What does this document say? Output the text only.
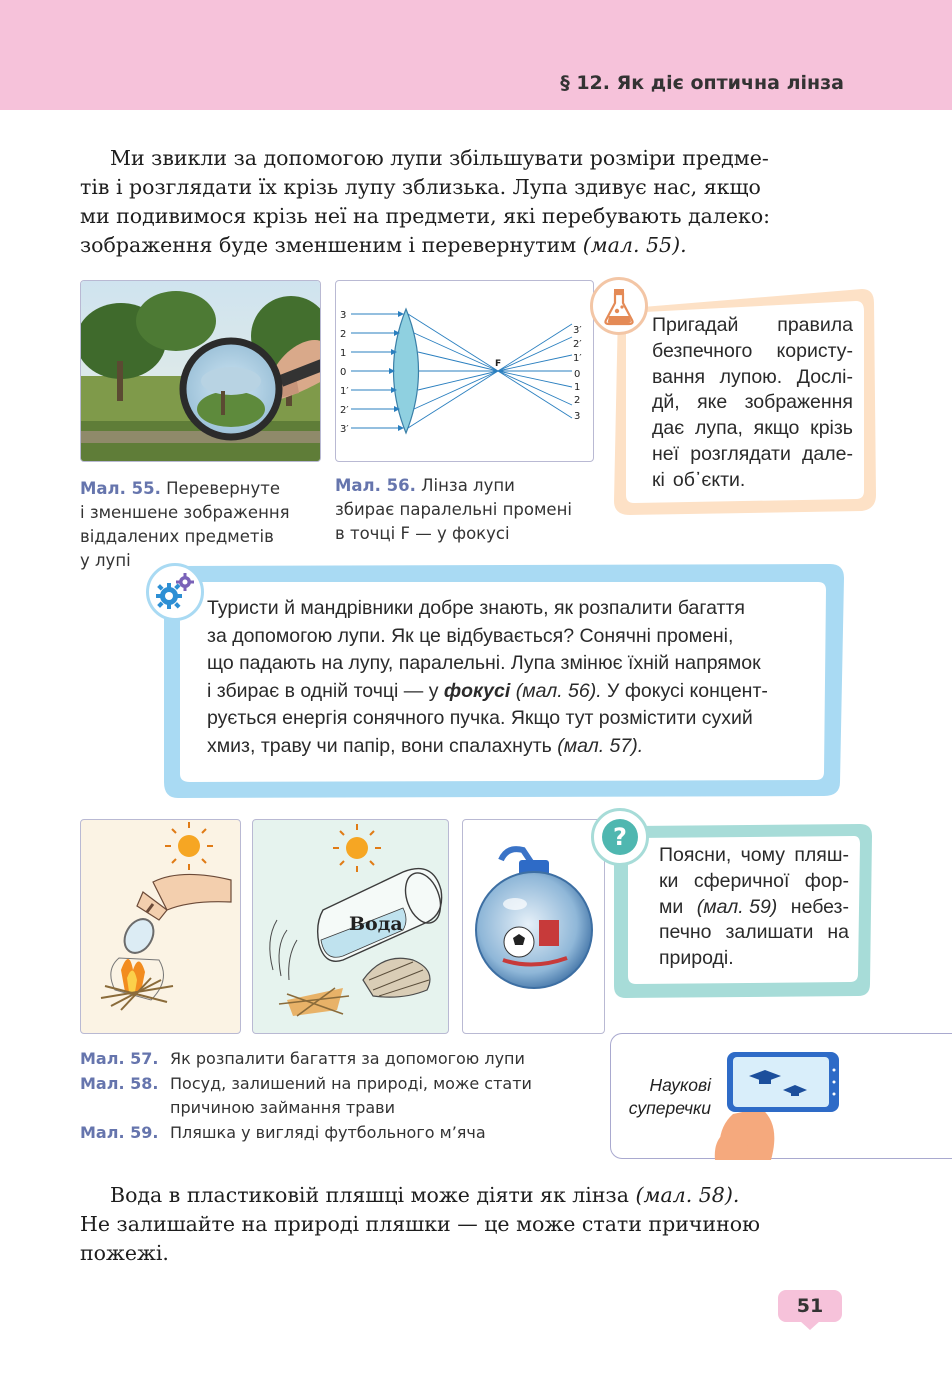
§ 12. Як діє оптична лінза
Ми звикли за допомогою лупи збільшувати розміри предме-
тів і розглядати їх крізь лупу зблизька. Лупа здивує нас, якщо
ми подивимося крізь неї на предмети, які перебувають далеко:
зображення буде зменшеним і перевернутим (мал. 55).
Мал. 55. Перевернуте
і зменшене зображення
віддалених предметів
у лупі
3
2
1
0
1′
2′
3′
3′
2′
1′
0
1
2
3
F
Мал. 56. Лінза лупи
збирає паралельні промені
в точці F — у фокусі
Пригадай правила
безпечного користу-
вання лупою. Дослі-
дй, яке зображення
дає лупа, якщо крізь
неї розглядати дале-
кі об᾽єкти.
Туристи й мандрівники добре знають, як розпалити багаття
за допомогою лупи. Як це відбувається? Сонячні промені,
що падають на лупу, паралельні. Лупа змінює їхній напрямок
і збирає в одній точці — у
фокусі
(мал. 56).
У фокусі концент-
рується енергія сонячного пучка. Якщо тут розмістити сухий
хмиз, траву чи папір, вони спалахнуть
(мал. 57).
Вода
?
Поясни, чому пляш-
ки сферичної фор-
ми (мал. 59) небез-
печно залишати на
природі.
Мал. 57. Як розпалити багаття за допомогою лупи
Мал. 58. Посуд, залишений на природі, може стати
причиною займання трави
Мал. 59. Пляшка у вигляді футбольного м’яча
Наукові
суперечки
Вода в пластиковій пляшці може діяти як лінза (мал. 58).
Не залишайте на природі пляшки — це може стати причиною
пожежі.
51
